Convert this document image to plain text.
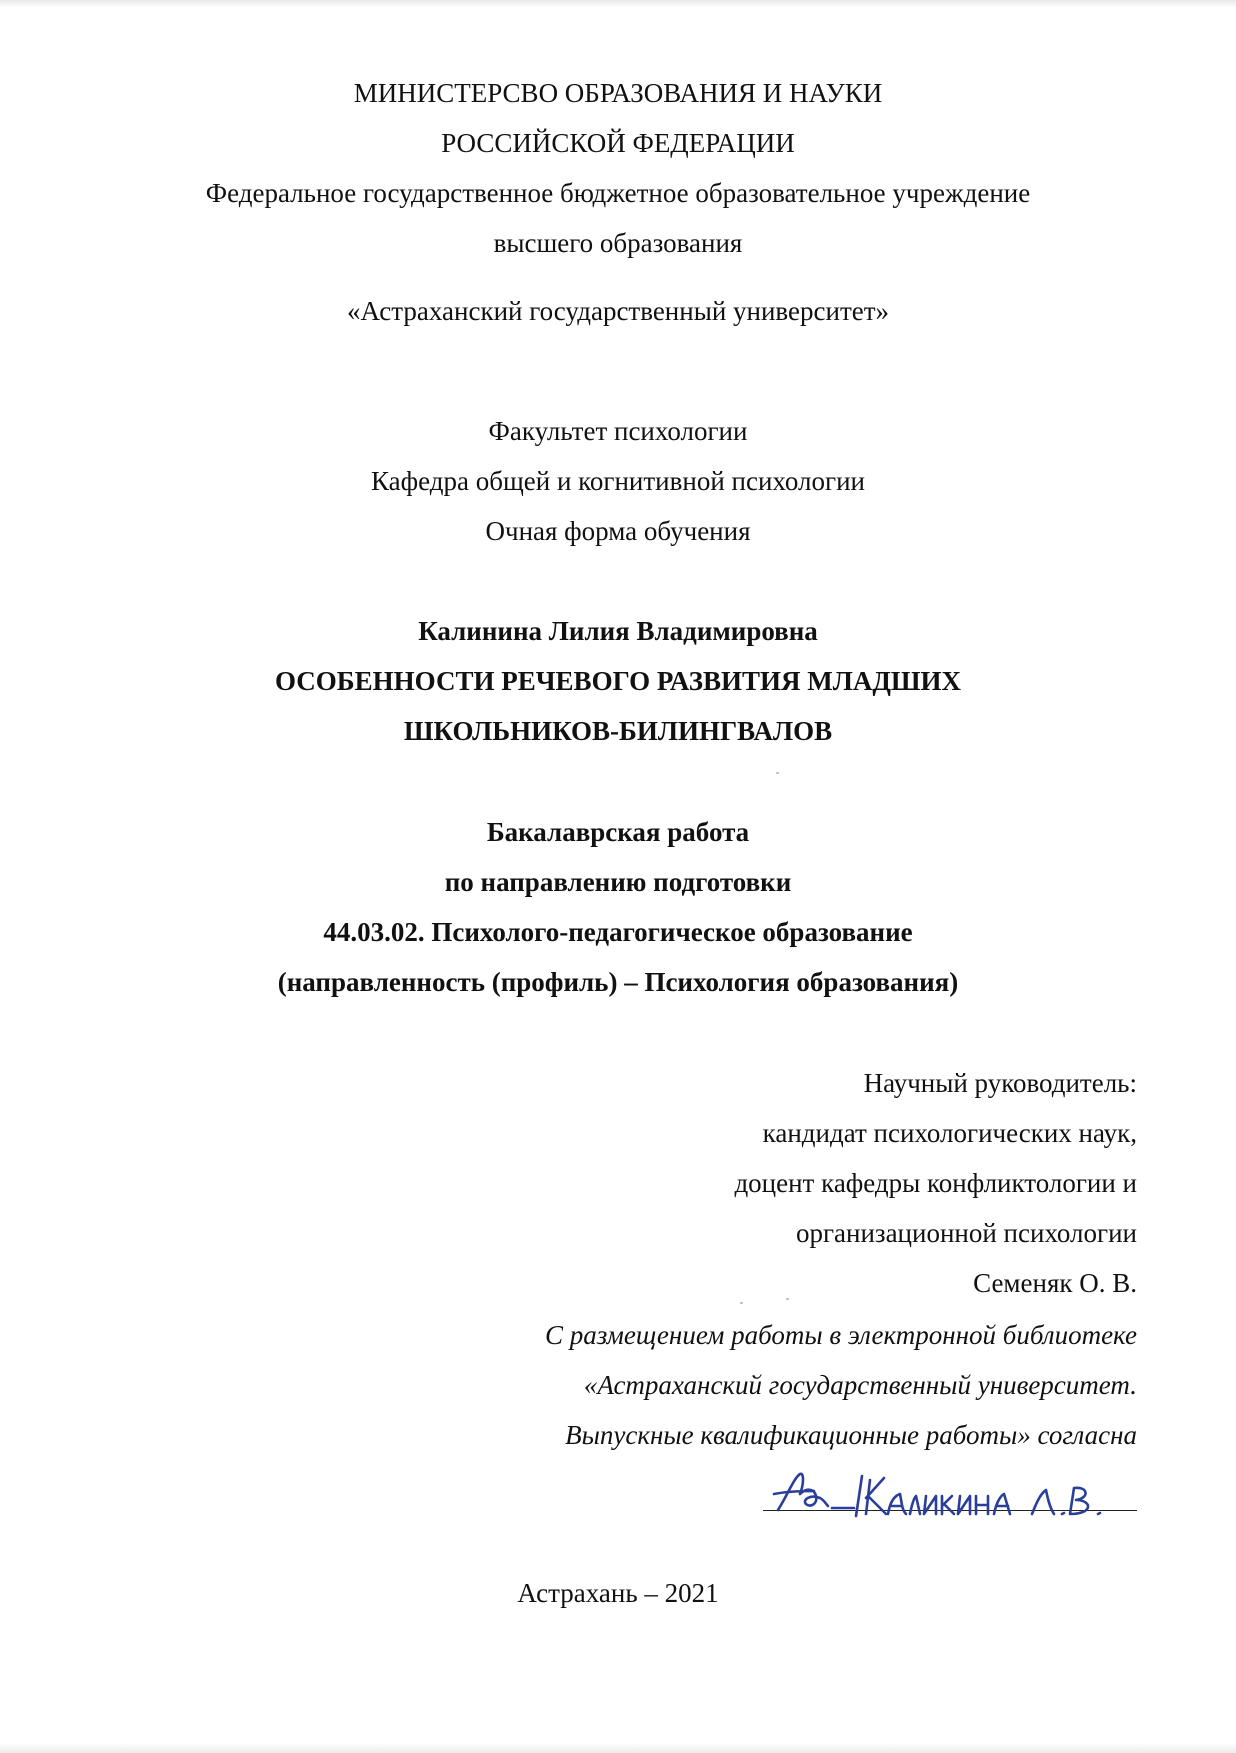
МИНИСТЕРСВО ОБРАЗОВАНИЯ И НАУКИ
РОССИЙСКОЙ ФЕДЕРАЦИИ
Федеральное государственное бюджетное образовательное учреждение
высшего образования
«Астраханский государственный университет»
Факультет психологии
Кафедра общей и когнитивной психологии
Очная форма обучения
Калинина Лилия Владимировна
ОСОБЕННОСТИ РЕЧЕВОГО РАЗВИТИЯ МЛАДШИХ
ШКОЛЬНИКОВ-БИЛИНГВАЛОВ
Бакалаврская работа
по направлению подготовки
44.03.02. Психолого-педагогическое образование
(направленность (профиль) – Психология образования)
Научный руководитель:
кандидат психологических наук,
доцент кафедры конфликтологии и
организационной психологии
Семеняк О. В.
С размещением работы в электронной библиотеке
«Астраханский государственный университет.
Выпускные квалификационные работы» согласна
Астрахань – 2021
